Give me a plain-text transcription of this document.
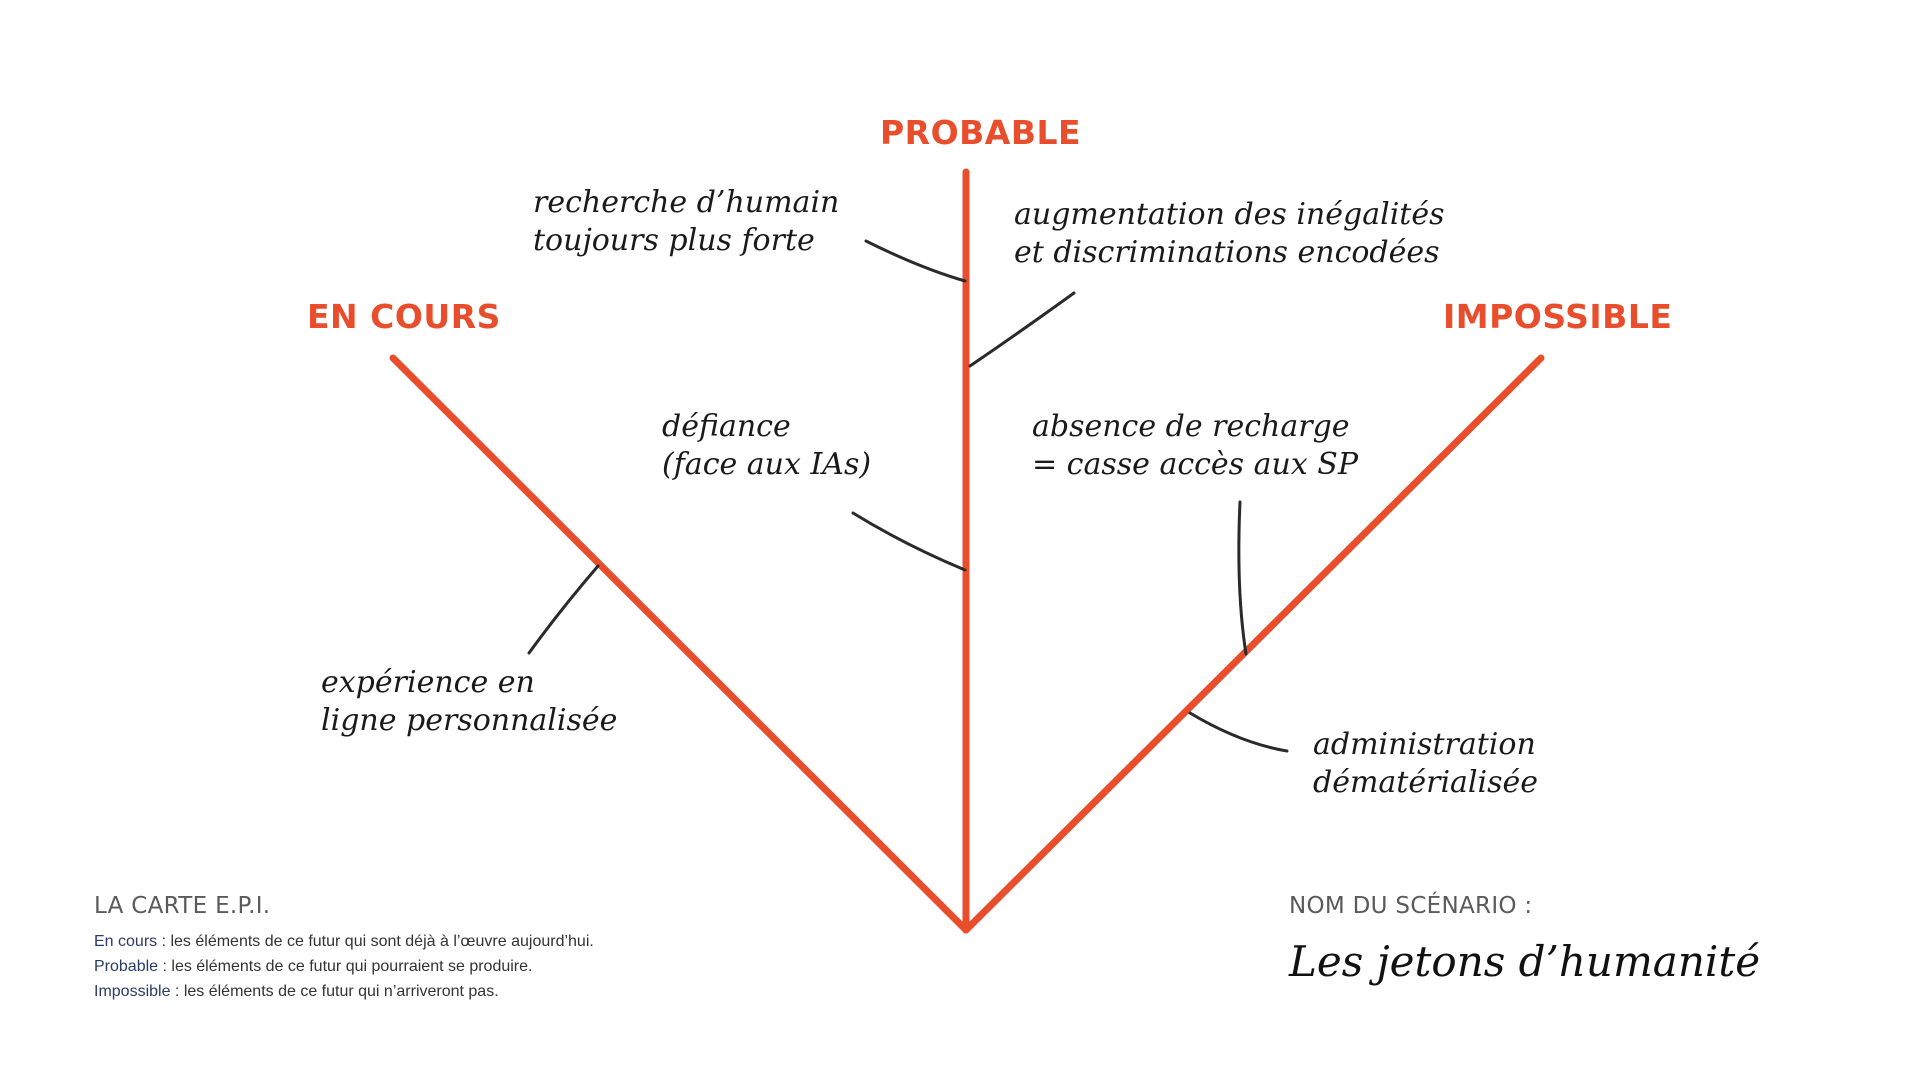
PROBABLE
EN COURS	IMPOSSIBLE
recherche d’humain
toujours plus forte
augmentation des inégalités
et discriminations encodées
défiance
(face aux IAs)
absence de recharge
= casse accès aux SP
expérience en
ligne personnalisée
administration
dématérialisée
LA CARTE E.P.I.
En cours : les éléments de ce futur qui sont déjà à l’œuvre aujourd’hui.
Probable : les éléments de ce futur qui pourraient se produire.
Impossible : les éléments de ce futur qui n’arriveront pas.
NOM DU SCÉNARIO :
Les jetons d’humanité
